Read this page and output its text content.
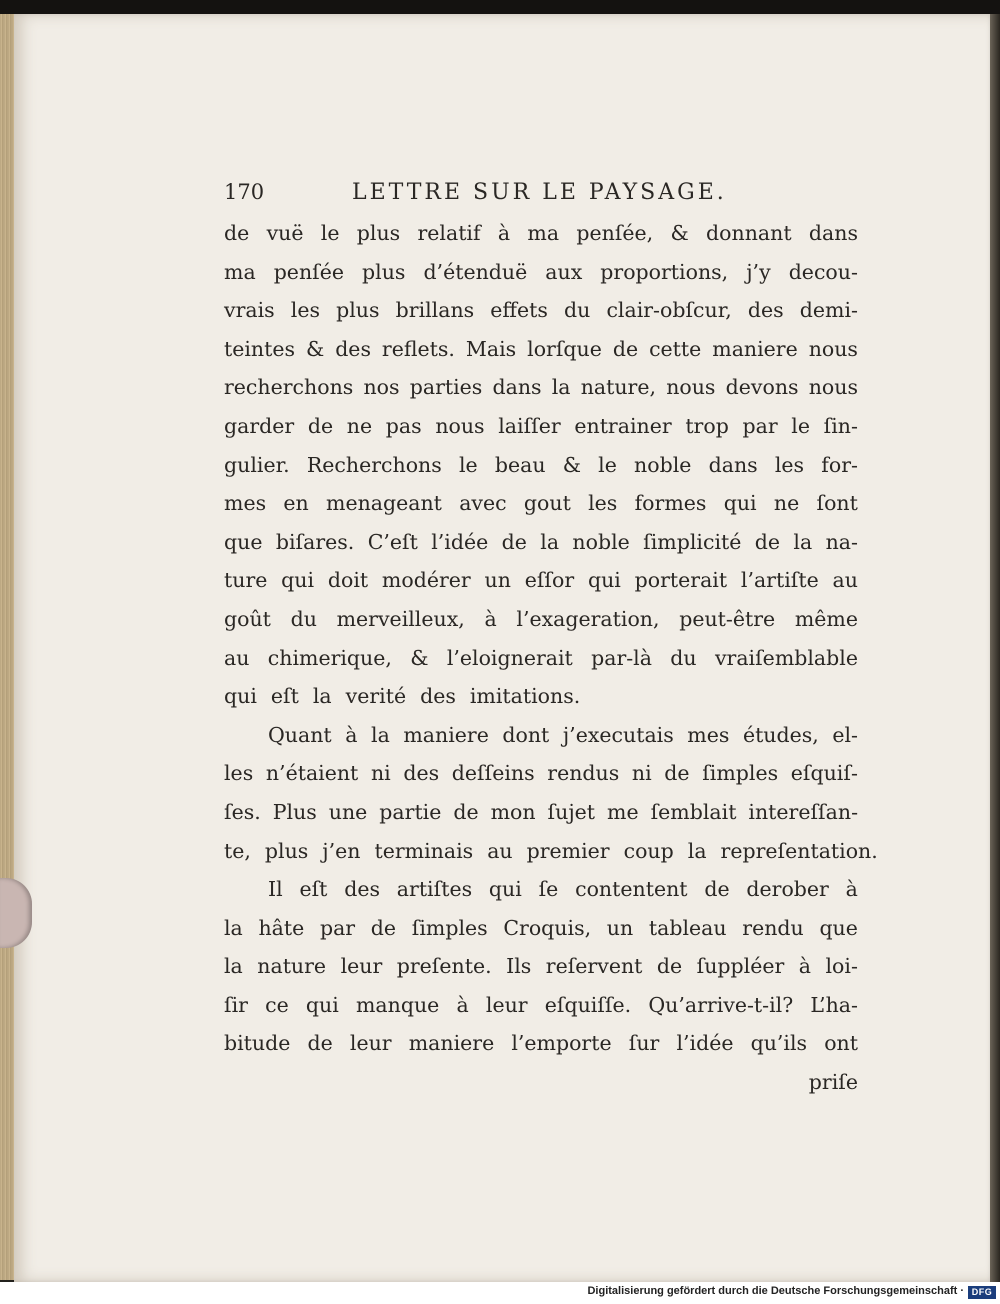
170	LETTRE SUR LE PAYSAGE.
de vuë le plus relatif à ma penſée, & donnant dans
ma penſée plus d’étenduë aux proportions, j’y decou-
vrais les plus brillans effets du clair-obſcur, des demi-
teintes & des reflets. Mais lorſque de cette maniere nous
recherchons nos parties dans la nature, nous devons nous
garder de ne pas nous laiſſer entrainer trop par le ſin-
gulier. Recherchons le beau & le noble dans les for-
mes en menageant avec gout les formes qui ne ſont
que biſares. C’eſt l’idée de la noble ſimplicité de la na-
ture qui doit modérer un eſſor qui porterait l’artiſte au
goût du merveilleux, à l’exageration, peut-être même
au chimerique, & l’eloignerait par-là du vraiſemblable
qui eſt la verité des imitations.
Quant à la maniere dont j’executais mes études, el-
les n’étaient ni des deſſeins rendus ni de ſimples eſquiſ-
ſes. Plus une partie de mon ſujet me ſemblait intereſſan-
te, plus j’en terminais au premier coup la repreſentation.
Il eſt des artiſtes qui ſe contentent de derober à
la hâte par de ſimples Croquis, un tableau rendu que
la nature leur preſente. Ils reſervent de ſuppléer à loi-
ſir ce qui manque à leur eſquiſſe. Qu’arrive-t-il? L’ha-
bitude de leur maniere l’emporte ſur l’idée qu’ils ont
priſe
Digitalisierung gefördert durch die Deutsche Forschungsgemeinschaft · DFG
